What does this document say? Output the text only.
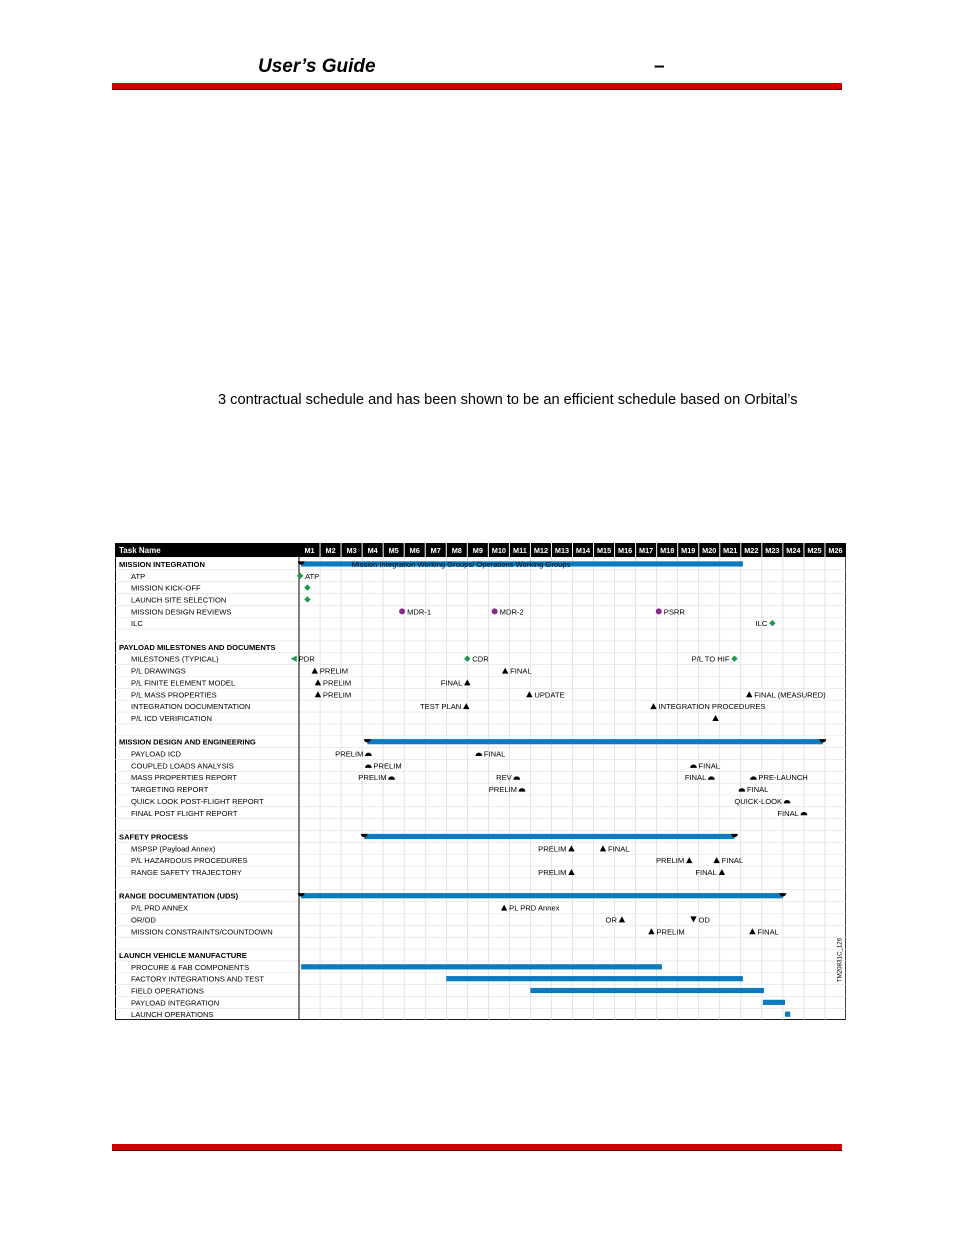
User’s Guide	–
3 contractual schedule and has been shown to be an efficient schedule based on Orbital’s
Task Name	M1 M2 M3 M4 M5 M6 M7 M8 M9 M10 M11 M12 M13 M14 M15 M16 M17 M18 M19 M20 M21 M22 M23 M24 M25 M26
MISSION INTEGRATION	Mission Integration Working Groups/ Operations Working Groups
ATP	ATP
MISSION KICK-OFF
LAUNCH SITE SELECTION
MISSION DESIGN REVIEWS	MDR-1	MDR-2	PSRR
ILC	ILC
PAYLOAD MILESTONES AND DOCUMENTS
MILESTONES (TYPICAL)	PDR	CDR	P/L TO HIF
P/L DRAWINGS	PRELIM	FINAL
P/L FINITE ELEMENT MODEL	PRELIM	FINAL
P/L MASS PROPERTIES	PRELIM	UPDATE	FINAL (MEASURED)
INTEGRATION DOCUMENTATION	TEST PLAN	INTEGRATION PROCEDURES
P/L ICD VERIFICATION
MISSION DESIGN AND ENGINEERING
PAYLOAD ICD	PRELIM	FINAL
COUPLED LOADS ANALYSIS	PRELIM	FINAL
MASS PROPERTIES REPORT	PRELIM	REV	FINAL	PRE-LAUNCH
TARGETING REPORT	PRELIM	FINAL
QUICK LOOK POST-FLIGHT REPORT	QUICK-LOOK
FINAL POST FLIGHT REPORT	FINAL
SAFETY PROCESS
MSPSP (Payload Annex)	PRELIM	FINAL
P/L HAZARDOUS PROCEDURES	PRELIM	FINAL
RANGE SAFETY TRAJECTORY	PRELIM	FINAL
RANGE DOCUMENTATION (UDS)
P/L PRD ANNEX	PL PRD Annex
OR/OD	OR	OD
MISSION CONSTRAINTS/COUNTDOWN	PRELIM	FINAL
LAUNCH VEHICLE MANUFACTURE
PROCURE & FAB COMPONENTS
FACTORY INTEGRATIONS AND TEST
FIELD OPERATIONS
PAYLOAD INTEGRATION
LAUNCH OPERATIONS
TM20831C_126
